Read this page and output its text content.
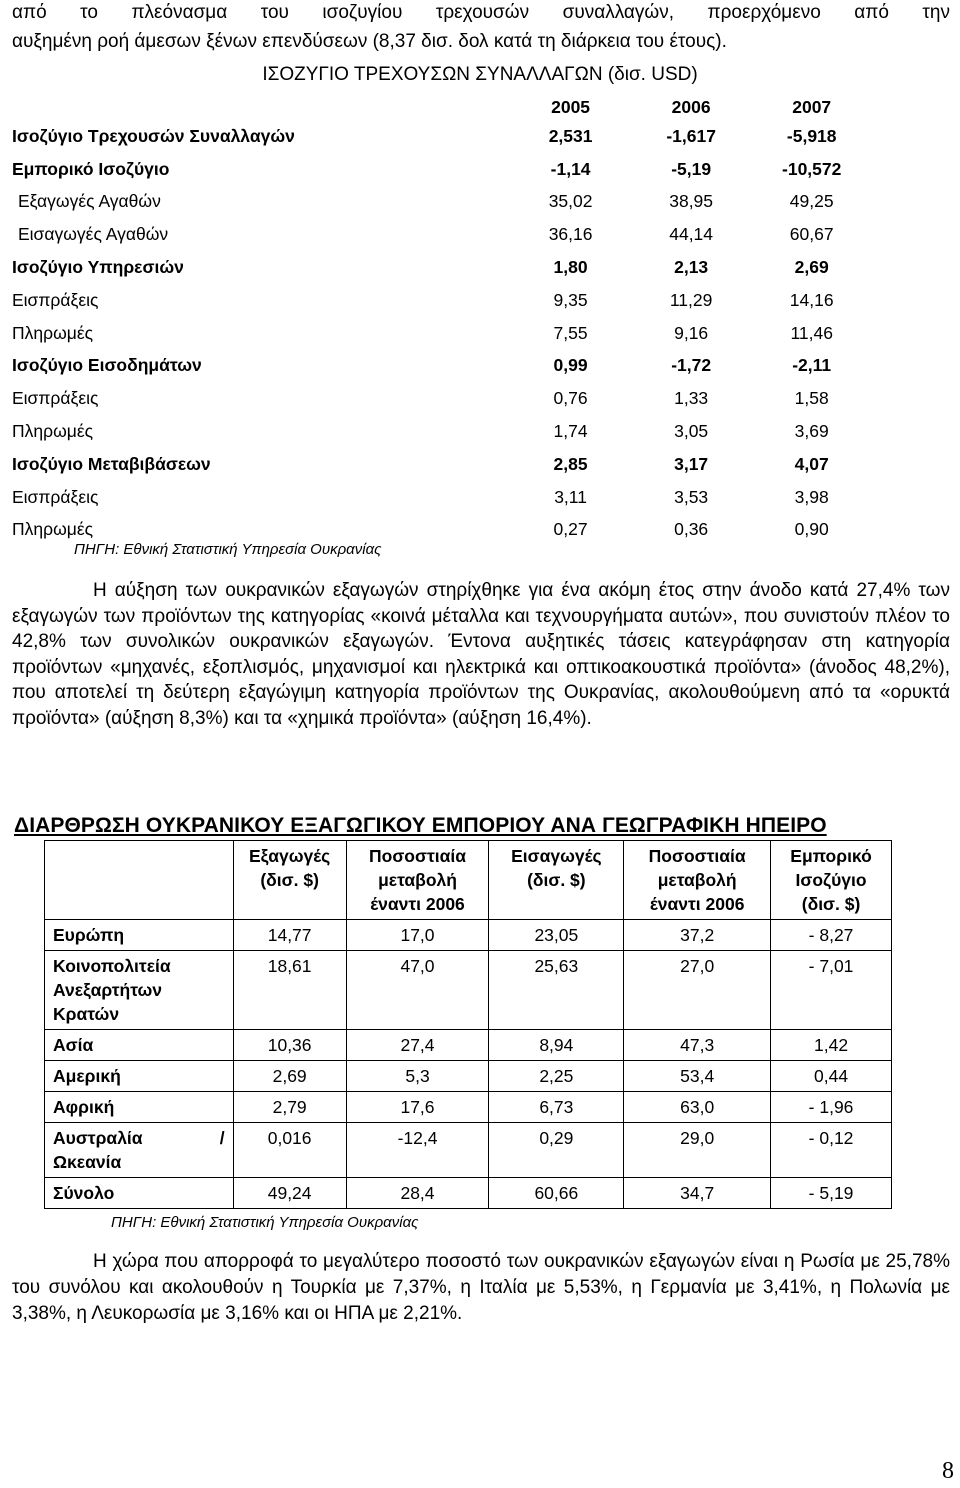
από το πλεόνασμα του ισοζυγίου τρεχουσών συναλλαγών, προερχόμενο από την

αυξημένη ροή άμεσων ξένων επενδύσεων (8,37 δισ. δολ κατά τη διάρκεια του έτους).

ΙΣΟΖΥΓΙΟ ΤΡΕΧΟΥΣΩΝ ΣΥΝΑΛΛΑΓΩΝ (δισ. USD)
	2005	2006	2007
Ισοζύγιο Τρεχουσών Συναλλαγών	2,531	-1,617	-5,918
Εμπορικό Ισοζύγιο	-1,14	-5,19	-10,572
Εξαγωγές Αγαθών	35,02	38,95	49,25
Εισαγωγές Αγαθών	36,16	44,14	60,67
Ισοζύγιο Υπηρεσιών	1,80	2,13	2,69
Εισπράξεις	9,35	11,29	14,16
Πληρωμές	7,55	9,16	11,46
Ισοζύγιο Εισοδημάτων	0,99	-1,72	-2,11
Εισπράξεις	0,76	1,33	1,58
Πληρωμές	1,74	3,05	3,69
Ισοζύγιο Μεταβιβάσεων	2,85	3,17	4,07
Εισπράξεις	3,11	3,53	3,98
Πληρωμές	0,27	0,36	0,90
ΠΗΓΗ: Εθνική Στατιστική Υπηρεσία Ουκρανίας

Η αύξηση των ουκρανικών εξαγωγών στηρίχθηκε για ένα ακόμη έτος στην άνοδο κατά 27,4% των εξαγωγών των προϊόντων της κατηγορίας «κοινά μέταλλα και τεχνουργήματα αυτών», που συνιστούν πλέον το 42,8% των συνολικών ουκρανικών εξαγωγών. Έντονα αυξητικές τάσεις κατεγράφησαν στη κατηγορία προϊόντων «μηχανές, εξοπλισμός, μηχανισμοί και ηλεκτρικά και οπτικοακουστικά προϊόντα» (άνοδος 48,2%), που αποτελεί τη δεύτερη εξαγώγιμη κατηγορία προϊόντων της Ουκρανίας, ακολουθούμενη από τα «ορυκτά προϊόντα» (αύξηση 8,3%) και τα «χημικά προϊόντα» (αύξηση 16,4%).

ΔΙΑΡΘΡΩΣΗ ΟΥΚΡΑΝΙΚΟΥ ΕΞΑΓΩΓΙΚΟΥ ΕΜΠΟΡΙΟΥ ΑΝΑ ΓΕΩΓΡΑΦΙΚΗ ΗΠΕΙΡΟ
	Εξαγωγές (δισ. $)	Ποσοστιαία μεταβολή έναντι 2006	Εισαγωγές (δισ. $)	Ποσοστιαία μεταβολή έναντι 2006	Εμπορικό Ισοζύγιο (δισ. $)
Ευρώπη	14,77	17,0	23,05	37,2	- 8,27
Κοινοπολιτεία Ανεξαρτήτων Κρατών	18,61	47,0	25,63	27,0	- 7,01
Ασία	10,36	27,4	8,94	47,3	1,42
Αμερική	2,69	5,3	2,25	53,4	0,44
Αφρική	2,79	17,6	6,73	63,0	- 1,96
Αυστραλία / Ωκεανία	0,016	-12,4	0,29	29,0	- 0,12
Σύνολο	49,24	28,4	60,66	34,7	- 5,19
ΠΗΓΗ: Εθνική Στατιστική Υπηρεσία Ουκρανίας

Η χώρα που απορροφά το μεγαλύτερο ποσοστό των ουκρανικών εξαγωγών είναι η Ρωσία με 25,78% του συνόλου και ακολουθούν η Τουρκία με 7,37%, η Ιταλία με 5,53%, η Γερμανία με 3,41%, η Πολωνία με 3,38%, η Λευκορωσία με 3,16% και οι ΗΠΑ με 2,21%.

8
